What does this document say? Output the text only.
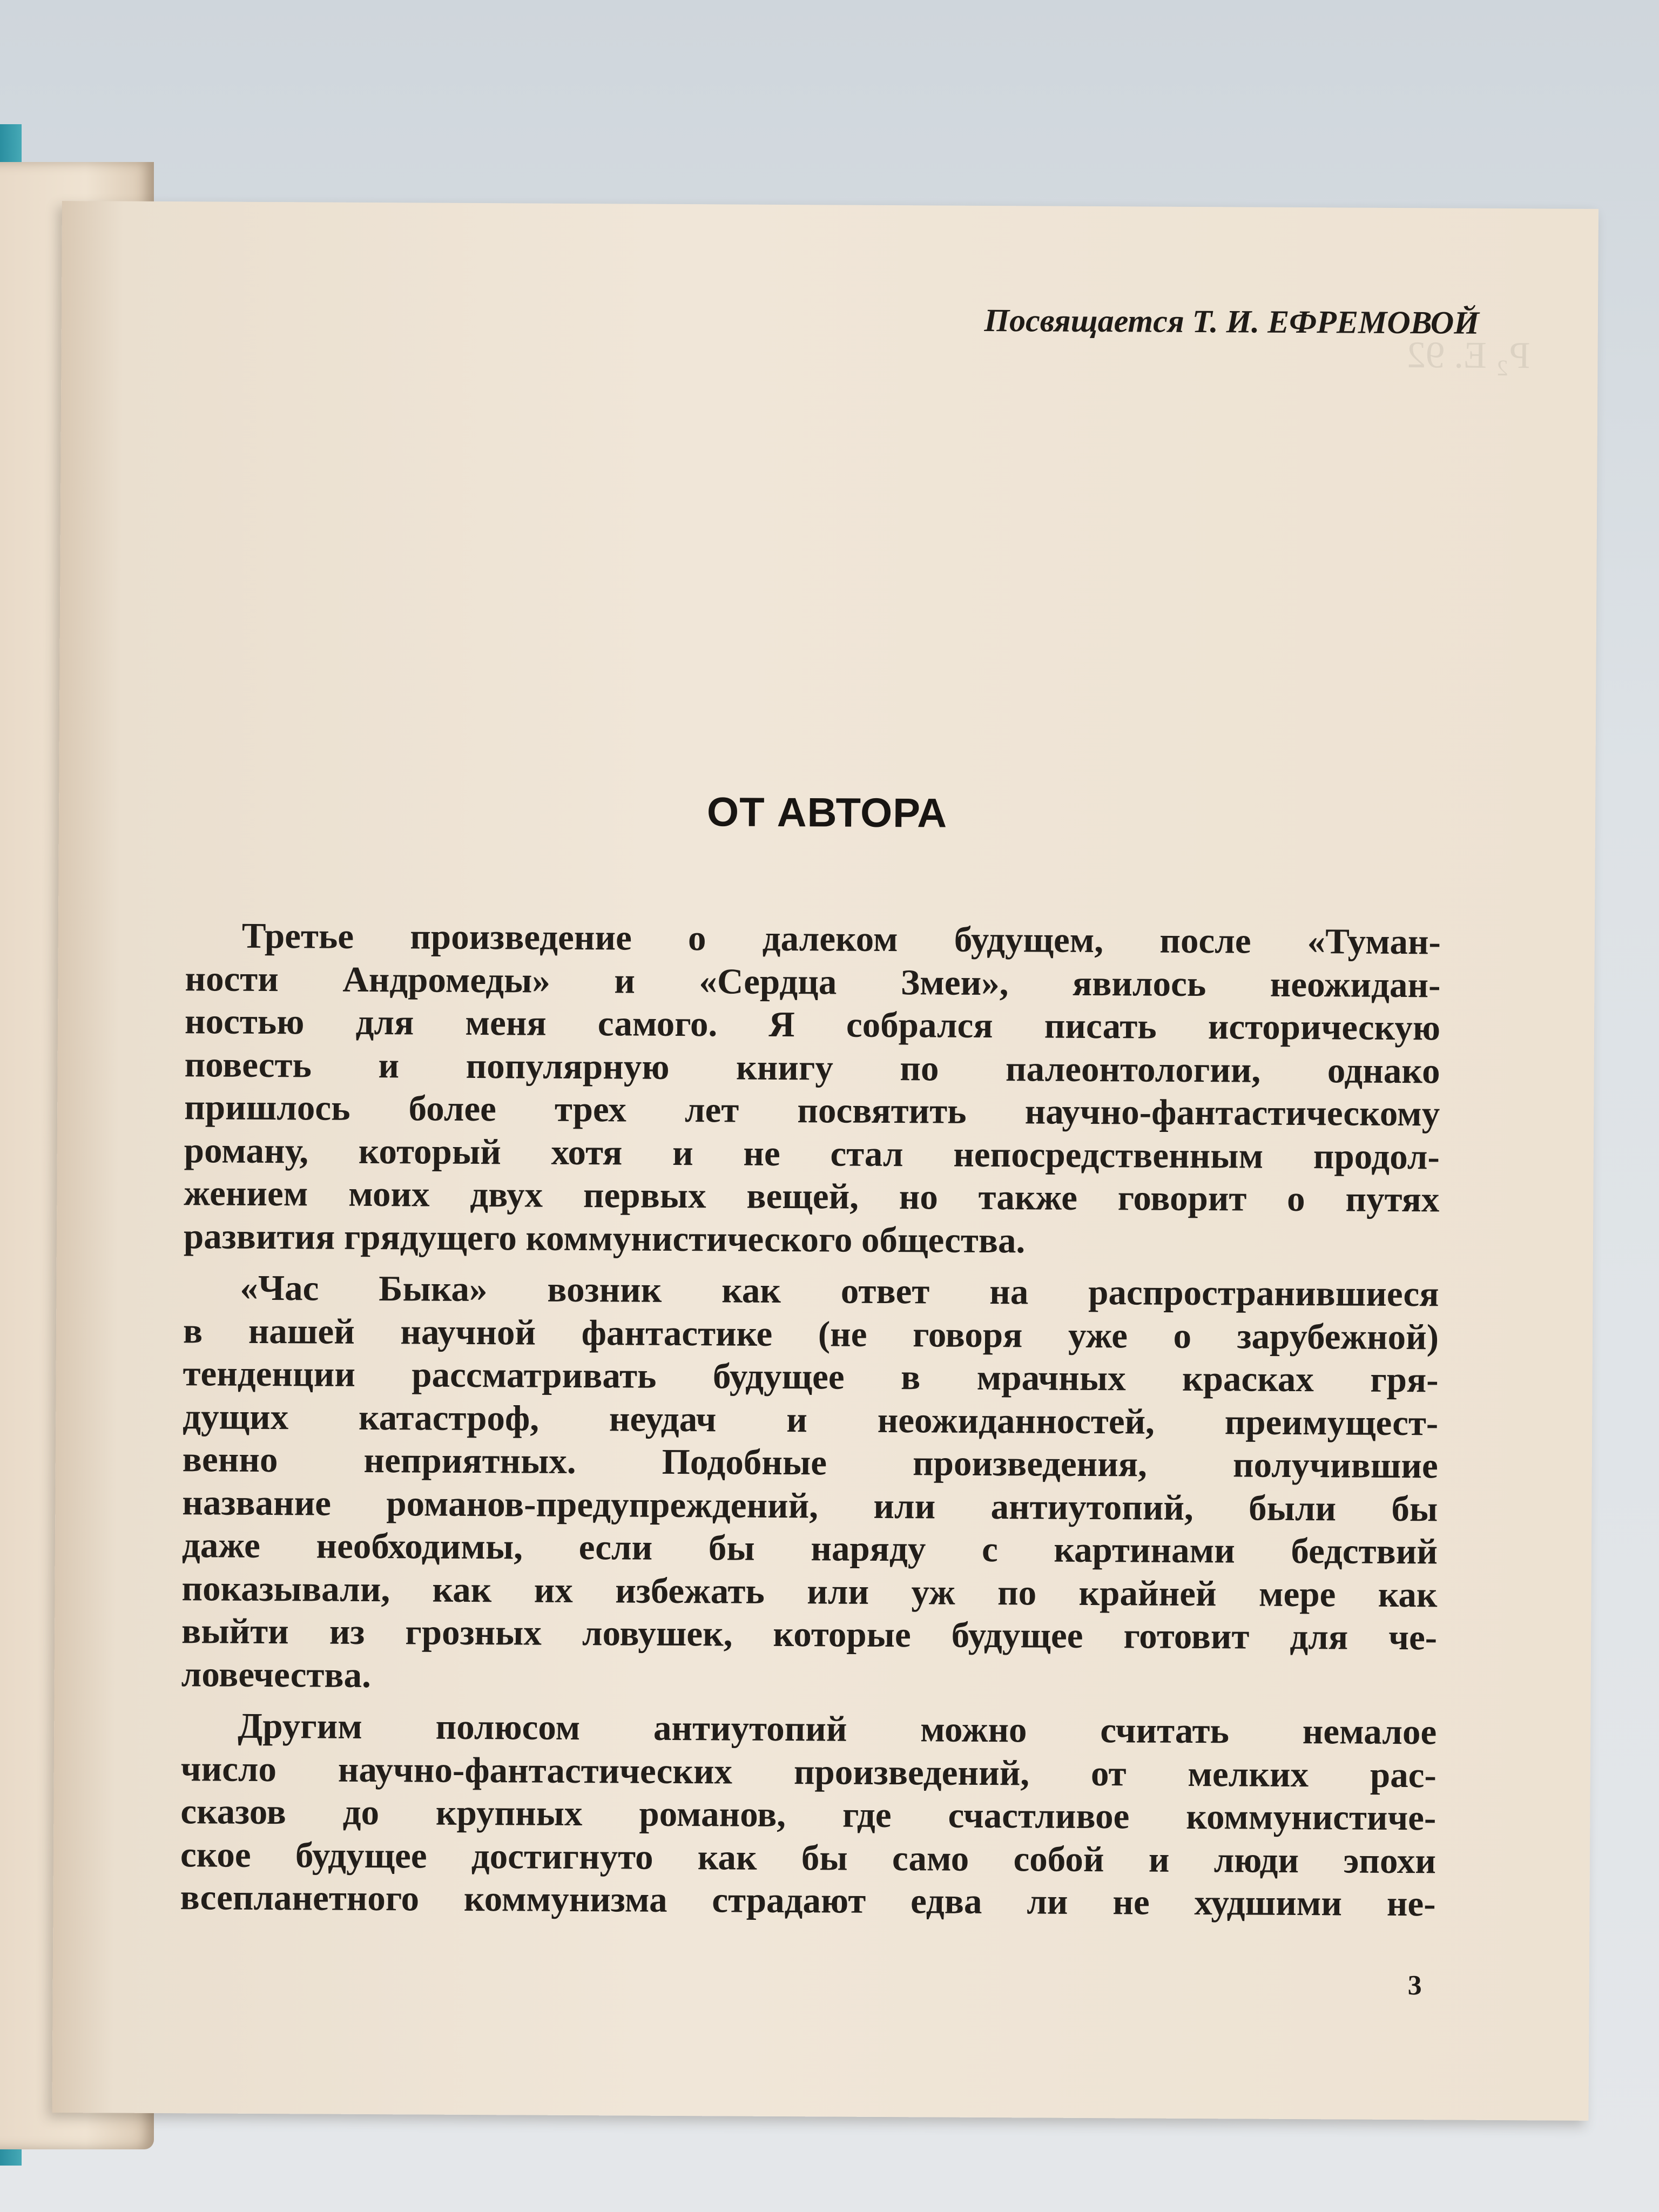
Р₂ Е. 92
Посвящается Т. И. ЕФРЕМОВОЙ
ОТ АВТОРА
Третье произведение о далеком будущем, после «Туман-
ности Андромеды» и «Сердца Змеи», явилось неожидан-
ностью для меня самого. Я собрался писать историческую
повесть и популярную книгу по палеонтологии, однако
пришлось более трех лет посвятить научно-фантастическому
роману, который хотя и не стал непосредственным продол-
жением моих двух первых вещей, но также говорит о путях
развития грядущего коммунистического общества.
«Час Быка» возник как ответ на распространившиеся
в нашей научной фантастике (не говоря уже о зарубежной)
тенденции рассматривать будущее в мрачных красках гря-
дущих катастроф, неудач и неожиданностей, преимущест-
венно неприятных. Подобные произведения, получившие
название романов-предупреждений, или антиутопий, были бы
даже необходимы, если бы наряду с картинами бедствий
показывали, как их избежать или уж по крайней мере как
выйти из грозных ловушек, которые будущее готовит для че-
ловечества.
Другим полюсом антиутопий можно считать немалое
число научно-фантастических произведений, от мелких рас-
сказов до крупных романов, где счастливое коммунистиче-
ское будущее достигнуто как бы само собой и люди эпохи
всепланетного коммунизма страдают едва ли не худшими не-
3
